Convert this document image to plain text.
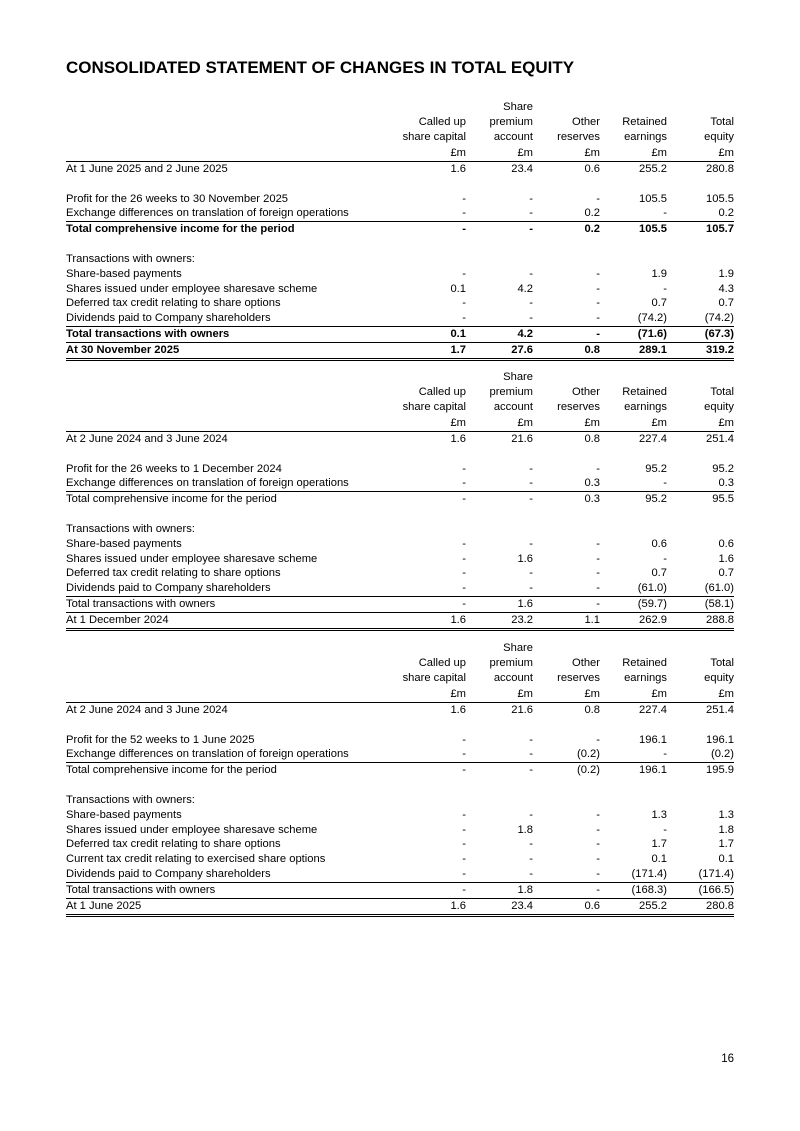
CONSOLIDATED STATEMENT OF CHANGES IN TOTAL EQUITY
		Share			
	Called up	premium	Other	Retained	Total
	share capital	account	reserves	earnings	equity
	£m	£m	£m	£m	£m
At 1 June 2025 and 2 June 2025	1.6	23.4	0.6	255.2	280.8

Profit for the 26 weeks to 30 November 2025	-	-	-	105.5	105.5
Exchange differences on translation of foreign operations	-	-	0.2	-	0.2
Total comprehensive income for the period	-	-	0.2	105.5	105.7

Transactions with owners:					
Share-based payments	-	-	-	1.9	1.9
Shares issued under employee sharesave scheme	0.1	4.2	-	-	4.3
Deferred tax credit relating to share options	-	-	-	0.7	0.7
Dividends paid to Company shareholders	-	-	-	(74.2)	(74.2)
Total transactions with owners	0.1	4.2	-	(71.6)	(67.3)
At 30 November 2025	1.7	27.6	0.8	289.1	319.2
		Share			
	Called up	premium	Other	Retained	Total
	share capital	account	reserves	earnings	equity
	£m	£m	£m	£m	£m
At 2 June 2024 and 3 June 2024	1.6	21.6	0.8	227.4	251.4

Profit for the 26 weeks to 1 December 2024	-	-	-	95.2	95.2
Exchange differences on translation of foreign operations	-	-	0.3	-	0.3
Total comprehensive income for the period	-	-	0.3	95.2	95.5

Transactions with owners:					
Share-based payments	-	-	-	0.6	0.6
Shares issued under employee sharesave scheme	-	1.6	-	-	1.6
Deferred tax credit relating to share options	-	-	-	0.7	0.7
Dividends paid to Company shareholders	-	-	-	(61.0)	(61.0)
Total transactions with owners	-	1.6	-	(59.7)	(58.1)
At 1 December 2024	1.6	23.2	1.1	262.9	288.8
		Share			
	Called up	premium	Other	Retained	Total
	share capital	account	reserves	earnings	equity
	£m	£m	£m	£m	£m
At 2 June 2024 and 3 June 2024	1.6	21.6	0.8	227.4	251.4

Profit for the 52 weeks to 1 June 2025	-	-	-	196.1	196.1
Exchange differences on translation of foreign operations	-	-	(0.2)	-	(0.2)
Total comprehensive income for the period	-	-	(0.2)	196.1	195.9

Transactions with owners:					
Share-based payments	-	-	-	1.3	1.3
Shares issued under employee sharesave scheme	-	1.8	-	-	1.8
Deferred tax credit relating to share options	-	-	-	1.7	1.7
Current tax credit relating to exercised share options	-	-	-	0.1	0.1
Dividends paid to Company shareholders	-	-	-	(171.4)	(171.4)
Total transactions with owners	-	1.8	-	(168.3)	(166.5)
At 1 June 2025	1.6	23.4	0.6	255.2	280.8
16
